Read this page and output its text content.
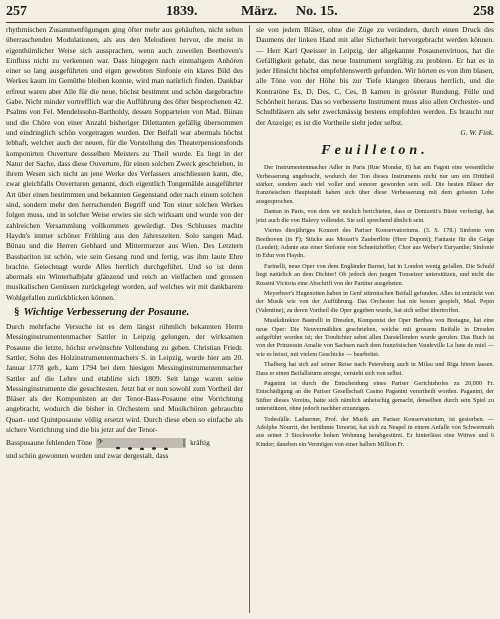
257	1839.	März. No. 15.	258

rhythmischen Zusammenfügungen ging öfter mehr aus gehäuften, nicht selten überraschenden Modulationen, als aus den Melodieen hervor, die meist in eigenthümlicher Weise sich aussprachen, wenn auch zuweilen Beethoven's Einfluss nicht zu verkennen war. Dass hingegen nach einmaligem Anhören einer so lang ausgeführten und eigen gewebten Sinfonie ein klares Bild des Werkes kaum im Gemüthe bleiben konnte, wird man natürlich finden. Dankbar erfreut waren aber Alle für die neue, höchst bestimmt und schön dargebrachte Gabe. Nicht minder vortrefflich war die Aufführung des öfter besprochenen 42. Psalms von Fel. Mendelssohn-Bartholdy, dessen Sopparteien von Mad. Bünau und die Chöre von einer Anzahl bisheriger Dilettanten gefällig übernommen und eindringlich schön vorgetragen wurden. Der Beifall war abermals höchst lebhaft, welcher auch der neuen, für die Vorstellung des Theaterpensionsfonds komponirten Ouverture desselben Meisters zu Theil wurde. Es liegt in der Natur der Sache, dass diese Ouverture, für einen solchen Zweck geschrieben, in ihrem Wesen sich nicht an jene Werke des Verfassers anschliessen kann, die, zwar gleichfalls Ouverturen genannt, doch eigentlich Tongemälde ausgeführter Art über einen bestimmten und bekannten Gegenstand oder nach einem solchen sind, sondern mehr den herrschenden Begriff und Ton einer solchen Werkes folgen muss, und in solcher Weise erwies sie sich wirksam und wurde von der zahlreichen Versammlung vollkommen gewürdigt. Des Schlusses machte Haydn's immer schöner Frühling aus den Jahreszeiten. Solo sangen Mad. Bünau und die Herren Gebhard und Mittermurzer aus Wien. Des Letztern Bassbariton ist schön, wie sein Gesang rund und fertig, was ihm laute Ehre brachte. Geiechnagt wurde Alles herrlich durchgeführt. Und so ist denn abermals ein Winterhalbjahr glänzend und reich an vielfachen und grossen musikalischen Genüssen zurückgelegt worden, auf welches wir mit dankbarem Wohlgefallen zurückblicken können.

§ Wichtige Verbesserung der Posaune.

Durch mehrfache Versuche ist es dem längst rühmlich bekannten Herrn Messinginstrumentenmacher Sattler in Leipzig gelungen, der wirksamen Posaune die letzte, höchst erwünschte Vollendung zu geben. Christian Friedr. Sattler, Sohn des Holzinstrumentenmachers S. in Leipzig, wurde hier am 20. Januar 1778 geb., kam 1794 bei dem hiesigen Messinginstrumentenmacher Sattler auf die Lehre und etablirte sich 1809. Seit lange waren seine Messinginstrumente die gesuchtesten. Jetzt hat er nun sowohl zum Vortheil der Bläser als der Komponisten an der Tenor-Bass-Posaune eine Vorrichtung angebracht, wodurch die bisher in Orchestern und Musikchören gebrauchte Quart- und Quintposaune völlig ersetzt wird. Durch diese eben so einfache als sichere Vorrichtung sind die bis jetzt auf der Tenor-

Bassposaune fehlenden Töne 𝄢	kräftig

und schön gewonnen worden und zwar dergestalt, dass

sie von jedem Bläser, ohne die Züge zu verändern, durch einen Druck des Daumens der linken Hand mit aller Sicherheit hervorgebracht werden können. — Herr Karl Queisser in Leipzig, der allgekannte Posaunenvirtuos, hat die Gefälligkeit gehabt, das neue Instrument sorgfältig zu probiren. Er hat es in jeder Hinsicht höchst empfehlenswerth gefunden. Wir hörten es von ihm blasen, alle Töne von der Höhe bis zur Tiefe klangen überaus herrlich, und die Kontratöne Es, D, Des, C, Ces, B kamen in grösster Rundung, Fülle und Schönheit heraus. Das so verbesserte Instrument muss also allen Orchester- und Schulbläsern als sehr zweckmässig bestens empfohlen werden. Es braucht nur der Anzeige; es ist die Vortheile sieht jeder selbst.

G. W. Fink.

Feuilleton.

Der Instrumentenmacher Adler in Paris (Rue Mondar, 8) hat am Fagott eine wesentliche Verbesserung angebracht, wodurch der Ton dieses Instruments nicht nur um ein Drittheil stärker, sondern auch viel voller und sonorer geworden sein soll. Die besten Bläser der französischen Hauptstadt haben sich über diese Verbesserung mit dem grössten Lobe ausgesprochen.

Dantan in Paris, von dem wir neulich berichteten, dass er Donizetti's Büste verfertigt, hat jetzt auch die von Halevy vollendet. Sie soll sprechend ähnlich sein.

Viertes diesjähriges Konzert des Pariser Konservatoriums. (3. S. 178.) Sinfonie von Beethoven (in F); Stücke aus Mozart's Zauberflöte (Herr Dupont); Fantasie für die Geige (Leudet); Adante aus einer Sinfonie von Schneitzhöffer; Chor aus Weber's Euryanthe; Sinfonie in Edur von Haydn.

Farinelli, neue Oper von dem Engländer Barnet, hat in London wenig gefallen. Die Schuld liegt natürlich an dem Dichter! Ob jedoch den jungen Tonsetzer unterstützen, und nicht die Rossini Victoria eine Abschrift von der Partitur ausgebeten.

Meyerbeer's Hugenotten haben in Genf stürmischen Beifall gefunden. Alles ist entzückt von der Musik wie von der Aufführung. Das Orchester hat nie besser gespielt, Mad. Pepin (Valentine), zu deren Vortheil die Oper gegeben wurde, hat sich selbst übertroffen.

Musikdirektor Bastrelli in Dresden, Komponist der Oper Berthea von Bretagne, hat eine neue Oper: Die Neuvermählten geschrieben, welche mit grossem Beifalle in Dresden aufgeführt worden ist; der Tondichter sehnt allen Darstellenden wurde gerufen. Das Buch ist von der Prinzessin Amalie von Sachsen nach dem französischen Vaudeville La lune de miel — wie es heisst, mit vielem Geschicke — bearbeitet.

Thalberg hat sich auf seiner Reise nach Petersburg auch in Milau und Riga hören lassen. Dass er einen Beifallsturm erregte, versteht sich von selbst.

Paganini ist durch die Entscheidung eines Pariser Gerichtshofes zu 20,000 Fr. Entschädigung an die Pariser Gesellschaft Casino Paganini verurtheilt worden. Paganini, der Stifter dieses Vereins, hatte sich nämlich anheischig gemacht, denselben durch sein Spiel zu unterstützen, ohne jedoch nachher erzuzeigen.

Todesfälle. Laduerner, Prof. der Musik am Pariser Konservatorium, ist gestorben. — Adolphe Nourrit, der berühmte Tenorist, hat sich zu Neapel in einem Anfalle von Schwermuth aus seiner 3 Stockwerke hohen Wohnung herabgestürzt. Er hinterlässt eine Wittwe und 6 Kinder; daneben ein Vermögen von einer halben Million Fr.
